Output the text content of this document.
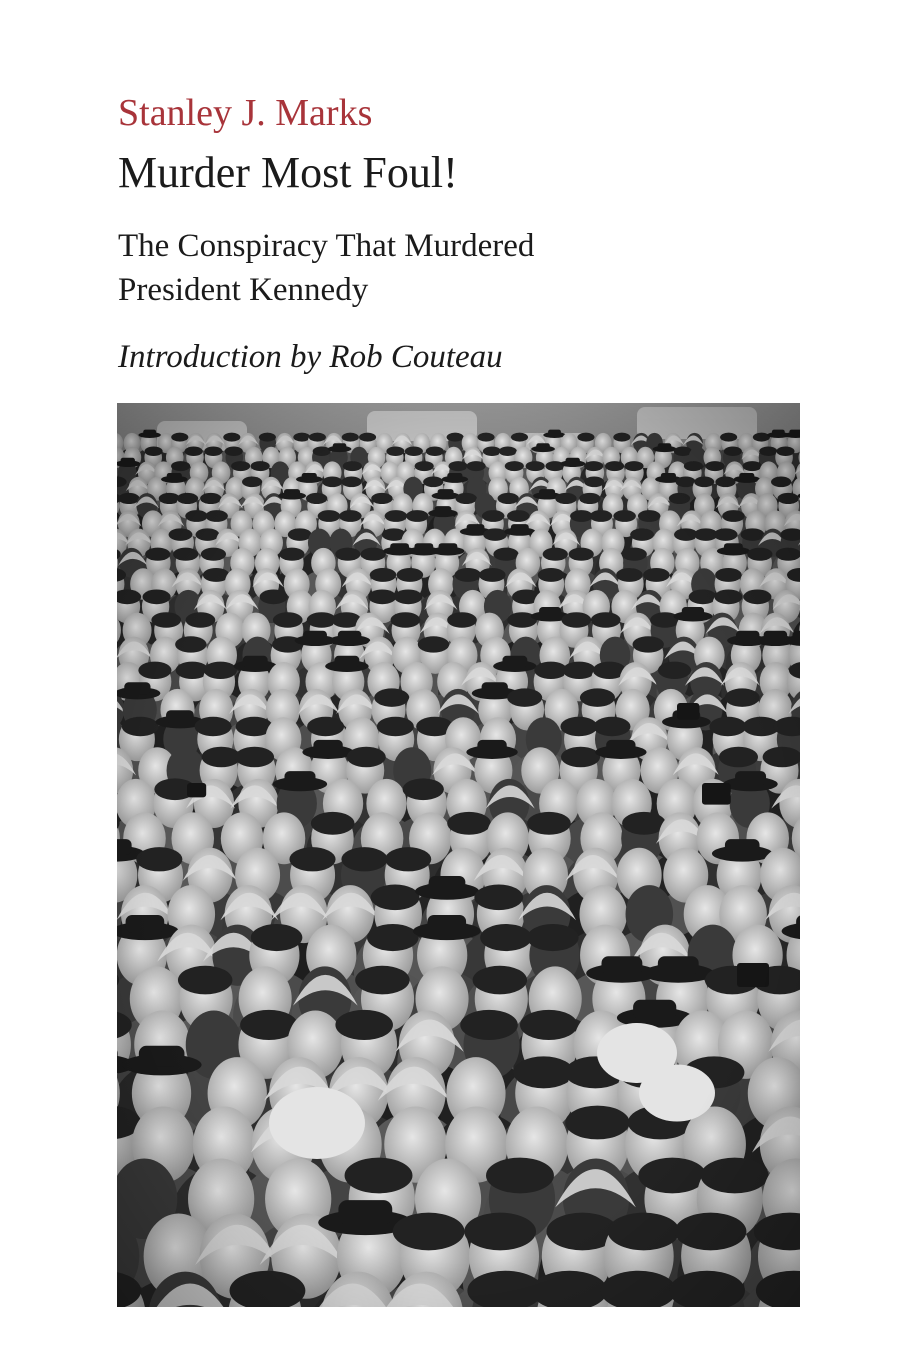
Stanley J. Marks
Murder Most Foul!
The Conspiracy That Murdered
President Kennedy
Introduction by Rob Couteau
